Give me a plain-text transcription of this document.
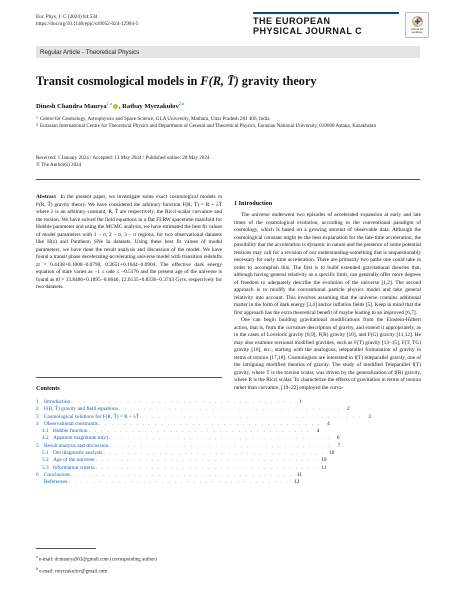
Eur. Phys. J. C (2024) 84:534
https://doi.org/10.1140/epjc/s10052-024-12904-5	THE EUROPEAN
PHYSICAL JOURNAL C	Check for
updates
Regular Article - Theoretical Physics
Transit cosmological models in F(R, T̄) gravity theory
Dinesh Chandra Maurya$^{1,a}$ , Ratbay Myrzakulov$^{2,b}$
1 Centre for Cosmology, Astrophysics and Space Science, GLA University, Mathura, Uttar Pradesh 281 406, India
2 Eurasian International Centre for Theoretical Physics and Department of General and Theoretical Physics, Eurasian National University, 010008 Astana, Kazakhstan
Received: 1 January 2024 / Accepted: 13 May 2024 / Published online: 28 May 2024
© The Author(s) 2024
Abstract In the present paper, we investigate some exact cosmological models in F(R, T̄) gravity theory. We have considered the arbitrary function F(R, T̄) = R + λT̄ where λ is an arbitrary constant, R, T̄ are respectively, the Ricci-scalar curvature and the torsion. We have solved the field equations in a flat FLRW spacetime manifold for Hubble parameter and using the MCMC analysis, we have estimated the best fit values of model parameters with 1 − σ, 2 − σ, 3 − σ regions, for two observational datasets like H(z) and Pantheon SNe Ia datasets. Using these best fit values of model parameters, we have done the result analysis and discussion of the model. We have found a transit phase decelerating-accelerating universe model with transition redshifts zt = 0.4438+0.1008−0.0790, 0.3651+0.1644−0.0904. The effective dark energy equation of state varies as −1 ≤ ωde ≤ −0.5176 and the present age of the universe is found as t0 = 13.8486+0.1895−0.0640, 12.0135+0.8336−0.3743 Gyrs, respectively for two datasets.
Contents
1	Introduction . . . . . . . . . . . . . . . . . . . . . . . . . . . . . . . . . . . .	1
2	F(R, T̄) gravity and field equations . . . . . . . . . . . . . . . . . . . . . . . . . . . . . . . . . . . .	2
3	Cosmological solutions for F(R, T̄) = R + λT̄ . . . . . . . . . . . . . . . . . . . . . . . . . . . . . . . . . . . .	3
4	Observational constraints . . . . . . . . . . . . . . . . . . . . . . . . . . . . . . . . . . . .	4
4.1 Hubble function . . . . . . . . . . . . . . . . . . . . . . . . . . . . . . . . . . . .	4
4.2 Apparent magnitude m(z) . . . . . . . . . . . . . . . . . . . . . . . . . . . . . . . . . . . .	6
5	Result analysis and discussion . . . . . . . . . . . . . . . . . . . . . . . . . . . . . . . . . . . .	7
5.1 Om diagnostic analysis . . . . . . . . . . . . . . . . . . . . . . . . . . . . . . . . . . . . 10
5.2 Age of the universe . . . . . . . . . . . . . . . . . . . . . . . . . . . . . . . . . . . . 10
5.3 Information criteria . . . . . . . . . . . . . . . . . . . . . . . . . . . . . . . . . . . . 11
6	Conclusions . . . . . . . . . . . . . . . . . . . . . . . . . . . . . . . . . . . . 11
References . . . . . . . . . . . . . . . . . . . . . . . . . . . . . . . . . . . . 12
$^a$ e-mail: dcmaurya563@gmail.com (corresponding author)
$^b$ e-mail: rmyrzakulov@gmail.com
1 Introduction

The universe underwent two episodes of accelerated expansion at early and late times of the cosmological evolution, according to the conventional paradigm of cosmology, which is based on a growing amount of observable data. Although the cosmological constant might be the best explanation for the late-time acceleration, the possibility that the acceleration is dynamic in nature and the presence of some potential tensions may call for a revision of our understanding-something that is unquestionably necessary for early time acceleration. There are primarily two paths one could take in order to accomplish this. The first is to build extended gravitational theories that, although having general relativity as a specific limit, can generally offer more degrees of freedom to adequately describe the evolution of the universe [1,2]. The second approach is to modify the conventional particle physics model and take general relativity into account. This involves assuming that the universe contains additional matter in the form of dark energy [3,4] and/or inflation fields [5]. Keep in mind that the first approach has the extra theoretical benefit of maybe leading to an improved [6,7].

One can begin building gravitational modifications from the Einstein-Hilbert action, that is, from the curvature description of gravity, and extend it appropriately, as in the cases of Lovelock gravity [8,9], F(R) gravity [10], and F(G) gravity [11,12]. He may also examine torsional modified gravities, such as F(T) gravity [13–15], F(T, TG) gravity [16], etc., starting with the analogous, teleparallel formulation of gravity in terms of torsion [17,18]. Cosmologists are interested in f(T) teleparallel gravity, one of the intriguing modified theories of gravity. The study of modified Teleparallel f(T) gravity, where T is the torsion scalar, was driven by the generalization of f(R) gravity, where R is the Ricci scalar. To characterize the effects of gravitation in terms of torsion rather than curvature, [19–22] employed the curva-
